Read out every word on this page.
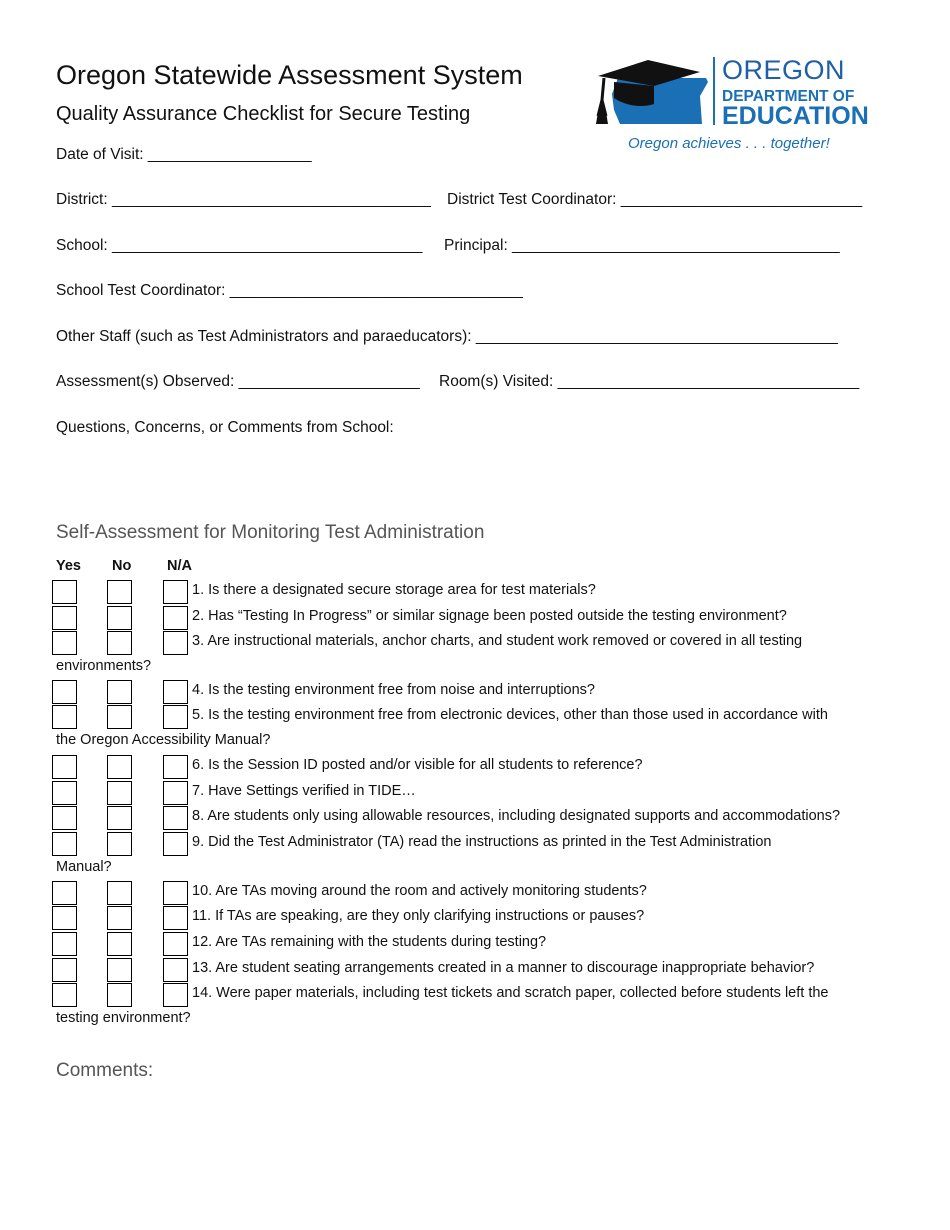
Oregon Statewide Assessment System
Quality Assurance Checklist for Secure Testing
OREGON
DEPARTMENT OF
EDUCATION
Oregon achieves . . . together!
Date of Visit: ___________________
District: _____________________________________ District Test Coordinator: ____________________________
School: ____________________________________ Principal: ______________________________________
School Test Coordinator: __________________________________
Other Staff (such as Test Administrators and paraeducators): __________________________________________
Assessment(s) Observed: _____________________ Room(s) Visited: ___________________________________
Questions, Concerns, or Comments from School:
Self-Assessment for Monitoring Test Administration
Yes No N/A
1. Is there a designated secure storage area for test materials?
2. Has “Testing In Progress” or similar signage been posted outside the testing environment?
3. Are instructional materials, anchor charts, and student work removed or covered in all testing
environments?
4. Is the testing environment free from noise and interruptions?
5. Is the testing environment free from electronic devices, other than those used in accordance with
the Oregon Accessibility Manual?
6. Is the Session ID posted and/or visible for all students to reference?
7. Have Settings verified in TIDE…
8. Are students only using allowable resources, including designated supports and accommodations?
9. Did the Test Administrator (TA) read the instructions as printed in the Test Administration
Manual?
10. Are TAs moving around the room and actively monitoring students?
11. If TAs are speaking, are they only clarifying instructions or pauses?
12. Are TAs remaining with the students during testing?
13. Are student seating arrangements created in a manner to discourage inappropriate behavior?
14. Were paper materials, including test tickets and scratch paper, collected before students left the
testing environment?
Comments:
